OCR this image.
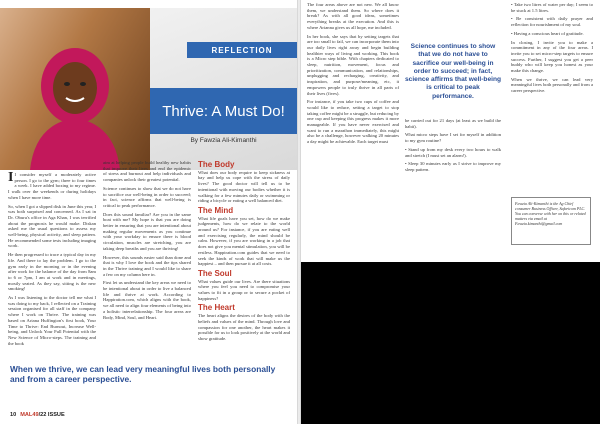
REFLECTION
Thrive: A Must Do!
By Fawzia Ali-Kimanthi

I I consider myself a moderately active person. I go to the gym; three to four times a week. I have added boxing to my regime. I walk over the weekends or during holidays when I have more time.

So, when I got a slipped disk in June this year, I was both surprised and concerned. As I sat in Dr. Oburu's office in Aga Khan, I was terrified about the prognosis he would make. Diskan asked me the usual questions to assess my well-being, physical activity, and sleep pattern. He recommended some tests including imaging work.

He then progressed to trace a typical day in my life. And there to lay the problem. I go to the gym early in the morning or in the evening after work for the balance of the day from 8am to 6 or 7pm, I am at work and in meetings, mostly seated. As they say, sitting is the new smoking!

As I was listening to the doctor tell me what I was doing to my back, I reflected on a Training session organised for all staff in the company where I work on Thrive. The training was based on Ariana Huffington's first book, Your Time to Thrive: End Burnout, Increase Well-being, and Unlock Your Full Potential with the New Science of Micro-steps. The training and the book

aim at helping people build healthy new habits that improve their lives and end the epidemic of stress and burnout and help individuals and companies unlock their greatest potential.

Science continues to show that we do not have to sacrifice our well-being in order to succeed; in fact, science affirms that well-being is critical to peak performance.

Does this sound familiar? Are you in the same boat with me? My hope is that you are doing better in ensuring that you are intentional about making regular movements as you continue with your workday to ensure there is blood circulation, muscles are stretching, you are taking deep breaths and you are thriving!

However, this sounds easier said than done and that is why I love the book and the tips shared in the Thrive training and I would like to share a few on my column here in.

First let us understand the key areas we need to be intentional about in order to live a balanced life and thrive at work. According to Happiration.com, which aligns with the book, we all need to align four elements of being into a holistic interrelationship. The four areas are Body, Mind, Soul, and Heart.

The Body

What does our body require to keep sickness at bay and help us cope with the stress of daily lives? The good doctor will tell us to be intentional with moving our bodies whether it is walking for a few minutes daily or swimming or riding a bicycle or eating a well balanced diet.

The Mind

What life goals have you set, how do we make judgements, how do we relate to the world around us? For instance, if you are eating well and exercising regularly, the mind should be calm. However, if you are working in a job that does not give you mental stimulation, you will be restless. Happiration.com guides that we need to seek the kinds of work that will make us the happiest – and then pursue it at all costs.

The Soul

What values guide our lives. Are there situations where you feel you need to compromise your values to fit in a group or to secure a pocket of happiness?

The Heart

The heart aligns the desires of the body with the beliefs and values of the mind. Through love and compassion for one another, the heart makes it possible for us to look positively at the world and show gratitude.

When we thrive, we can lead very meaningful lives both personally and from a career perspective.
10 MAL49/22 ISSUE

The four areas above are not new. We all know them, we understand them. So where does it break? As with all good ideas, sometimes everything breaks at the execution. And this is where Arianna gives us all hope, me included.

In her book, she says that by setting targets that are too small to fail, we can incorporate them into our daily lives right away and begin building healthier ways of living and working. This book is a Micro step bible. With chapters dedicated to sleep, nutrition, movement, focus and prioritization, communication, and relationships, unplugging and recharging, creativity, and inspiration, and purpose/meaning, etc, it empowers people to truly thrive in all parts of their lives (fives).

For instance, if you take two cups of coffee and would like to reduce, setting a target to stop taking coffee might be a struggle, but reducing by one cup and keeping this progress makes it more manageable. If you have never exercised and want to run a marathon immediately, this might also be a challenge, however walking 20 minutes a day might be achievable. Each target must

Science continues to show that we do not have to sacrifice our well-being in order to succeed; in fact, science affirms that well-being is critical to peak performance.

be carried out for 21 days (at least as we build the habit).

What micro steps have I set for myself in addition to my gym routine?

• Stand up from my desk every two hours to walk and stretch (I must set an alarm!).

• Sleep 30 minutes early as I strive to improve my sleep pattern.

• Take two litres of water per day; I seem to be stuck at 1.5 litres.

• Be consistent with daily prayer and reflection for nourishment of my soul.

• Having a conscious heart of gratitude.

In closing, I invite you to make a commitment in any of the four areas. I invite you to set micro-step targets to ensure success. Further, I suggest you get a peer buddy who will keep you honest as your make this change.

When we thrive, we can lead very meaningful lives both personally and from a career perspective.

Fawzia Ali-Kimanthi is the Ag Chief consumer Business Officer, Safaricom PLC. You can converse with her on this or related matters via email at Fawzia.kimanthi@gmail.com
